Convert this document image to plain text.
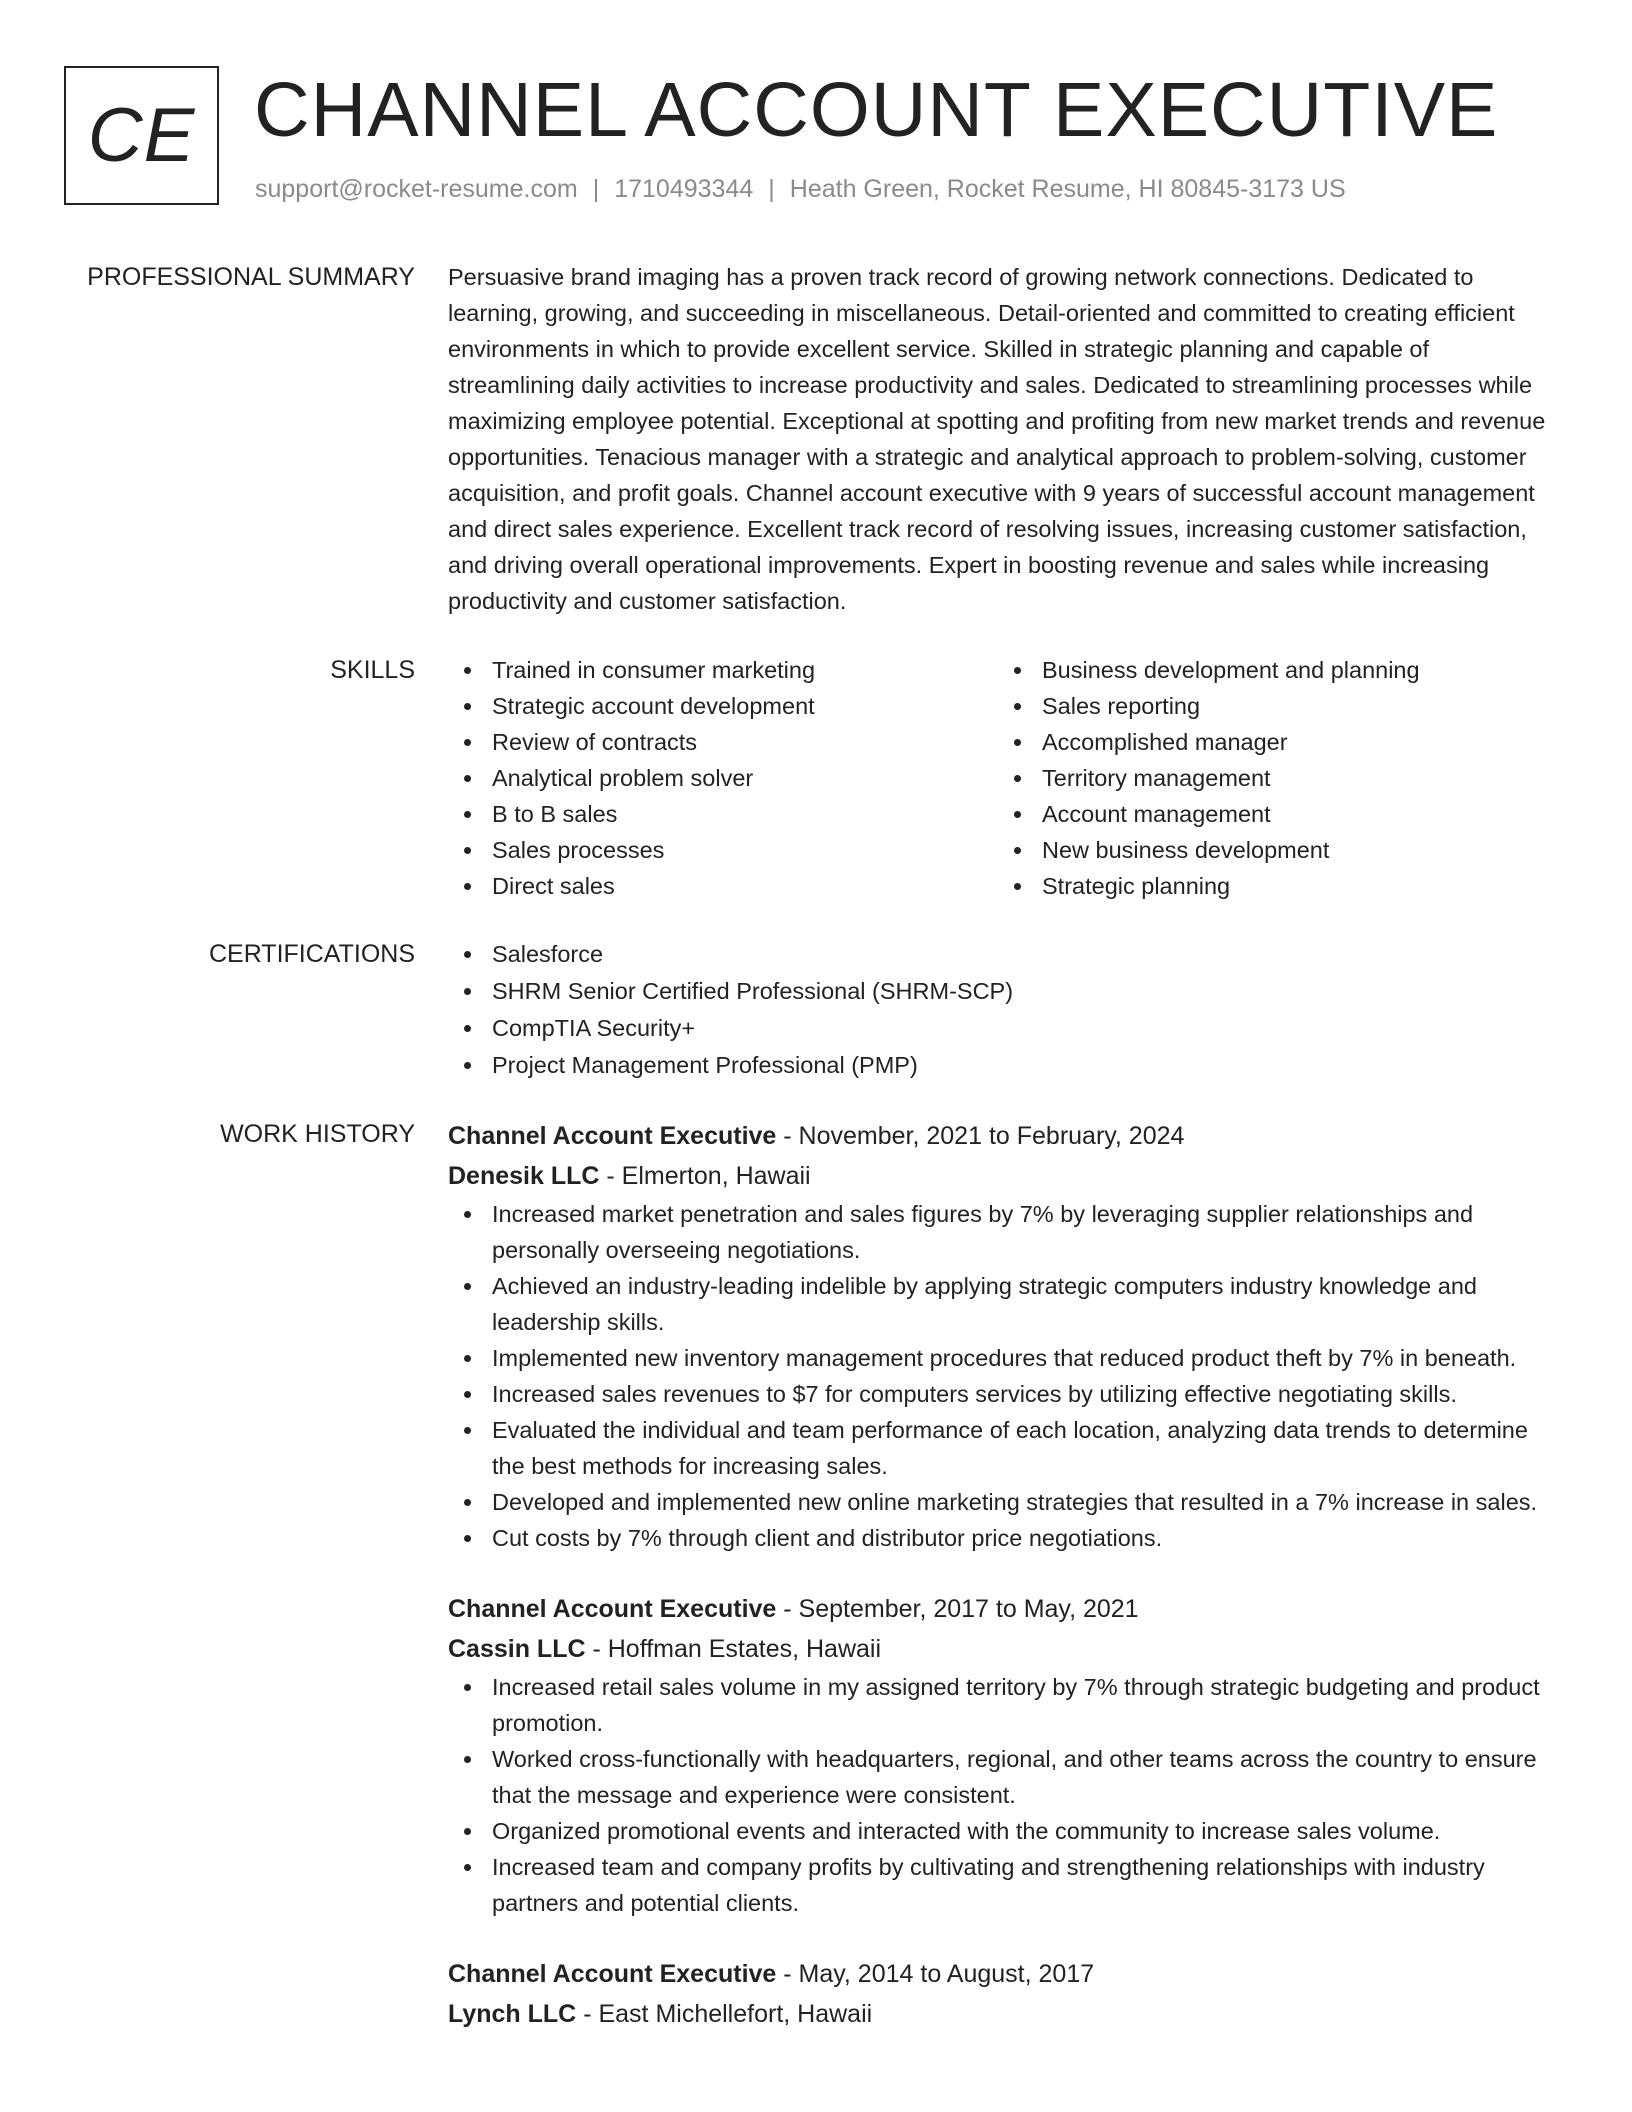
CE CHANNEL ACCOUNT EXECUTIVE
support@rocket-resume.com | 1710493344 | Heath Green, Rocket Resume, HI 80845-3173 US
PROFESSIONAL SUMMARY Persuasive brand imaging has a proven track record of growing network connections. Dedicated to learning, growing, and succeeding in miscellaneous. Detail-oriented and committed to creating efficient environments in which to provide excellent service. Skilled in strategic planning and capable of streamlining daily activities to increase productivity and sales. Dedicated to streamlining processes while maximizing employee potential. Exceptional at spotting and profiting from new market trends and revenue opportunities. Tenacious manager with a strategic and analytical approach to problem-solving, customer acquisition, and profit goals. Channel account executive with 9 years of successful account management and direct sales experience. Excellent track record of resolving issues, increasing customer satisfaction, and driving overall operational improvements. Expert in boosting revenue and sales while increasing productivity and customer satisfaction.

SKILLS	Trained in consumer marketing
Strategic account development
Review of contracts
Analytical problem solver
B to B sales
Sales processes
Direct sales
Business development and planning
Sales reporting
Accomplished manager
Territory management
Account management
New business development
Strategic planning
CERTIFICATIONS	Salesforce
SHRM Senior Certified Professional (SHRM-SCP)
CompTIA Security+
Project Management Professional (PMP)
WORK HISTORY Channel Account Executive - November, 2021 to February, 2024
Denesik LLC - Elmerton, Hawaii
Increased market penetration and sales figures by 7% by leveraging supplier relationships and personally overseeing negotiations.
Achieved an industry-leading indelible by applying strategic computers industry knowledge and leadership skills.
Implemented new inventory management procedures that reduced product theft by 7% in beneath.
Increased sales revenues to $7 for computers services by utilizing effective negotiating skills.
Evaluated the individual and team performance of each location, analyzing data trends to determine the best methods for increasing sales.
Developed and implemented new online marketing strategies that resulted in a 7% increase in sales.
Cut costs by 7% through client and distributor price negotiations.
Channel Account Executive - September, 2017 to May, 2021
Cassin LLC - Hoffman Estates, Hawaii
Increased retail sales volume in my assigned territory by 7% through strategic budgeting and product promotion.
Worked cross-functionally with headquarters, regional, and other teams across the country to ensure that the message and experience were consistent.
Organized promotional events and interacted with the community to increase sales volume.
Increased team and company profits by cultivating and strengthening relationships with industry partners and potential clients.
Channel Account Executive - May, 2014 to August, 2017
Lynch LLC - East Michellefort, Hawaii
